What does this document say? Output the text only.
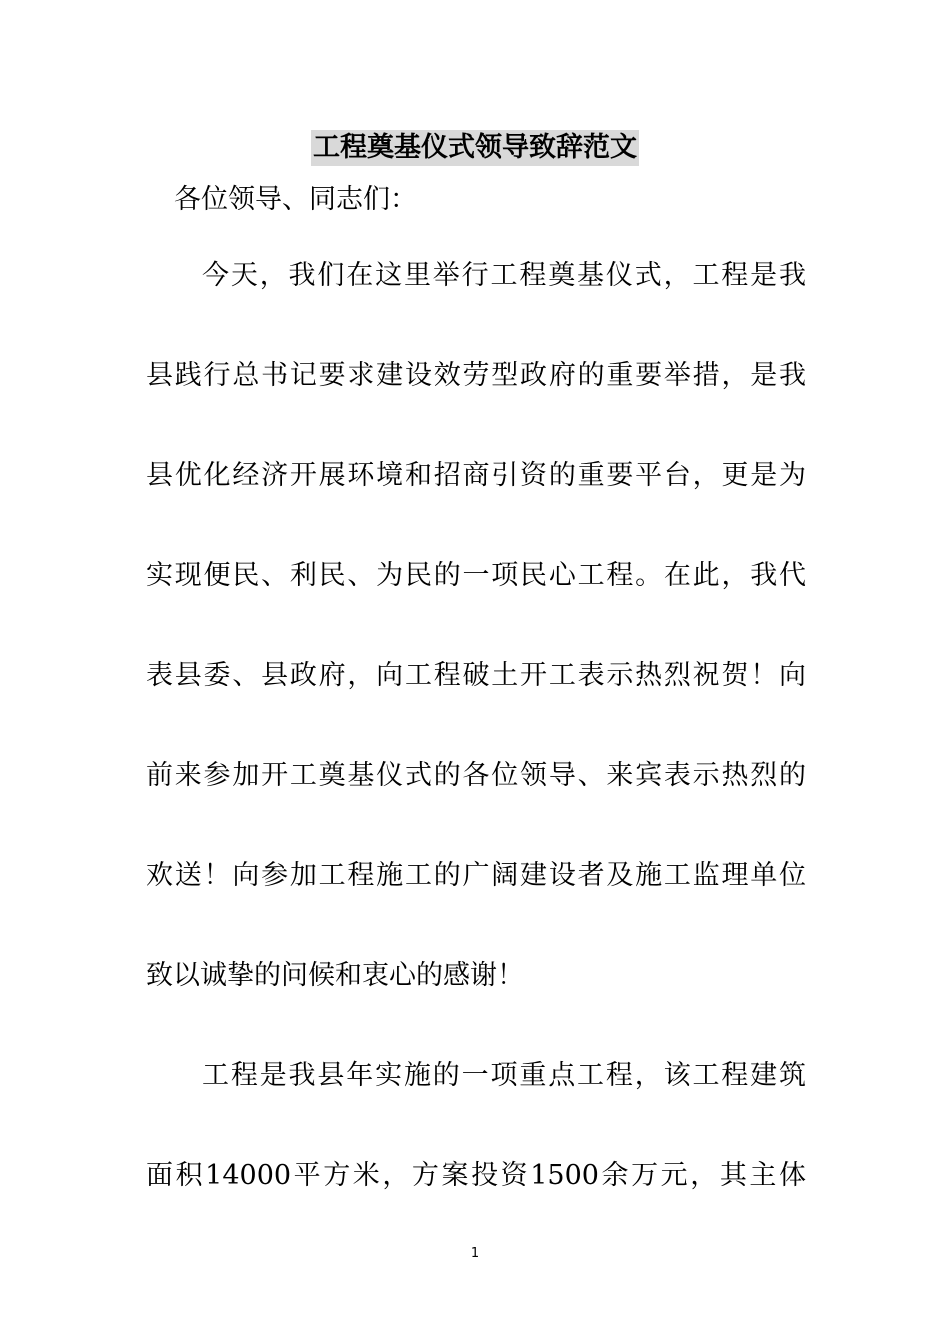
工程奠基仪式领导致辞范文
各位领导、同志们：
今天，我们在这里举行工程奠基仪式，工程是我
县践行总书记要求建设效劳型政府的重要举措，是我
县优化经济开展环境和招商引资的重要平台，更是为
实现便民、利民、为民的一项民心工程。在此，我代
表县委、县政府，向工程破土开工表示热烈祝贺！向
前来参加开工奠基仪式的各位领导、来宾表示热烈的
欢送！向参加工程施工的广阔建设者及施工监理单位
致以诚挚的问候和衷心的感谢！
工程是我县年实施的一项重点工程，该工程建筑
面积14000平方米，方案投资1500余万元，其主体
1
